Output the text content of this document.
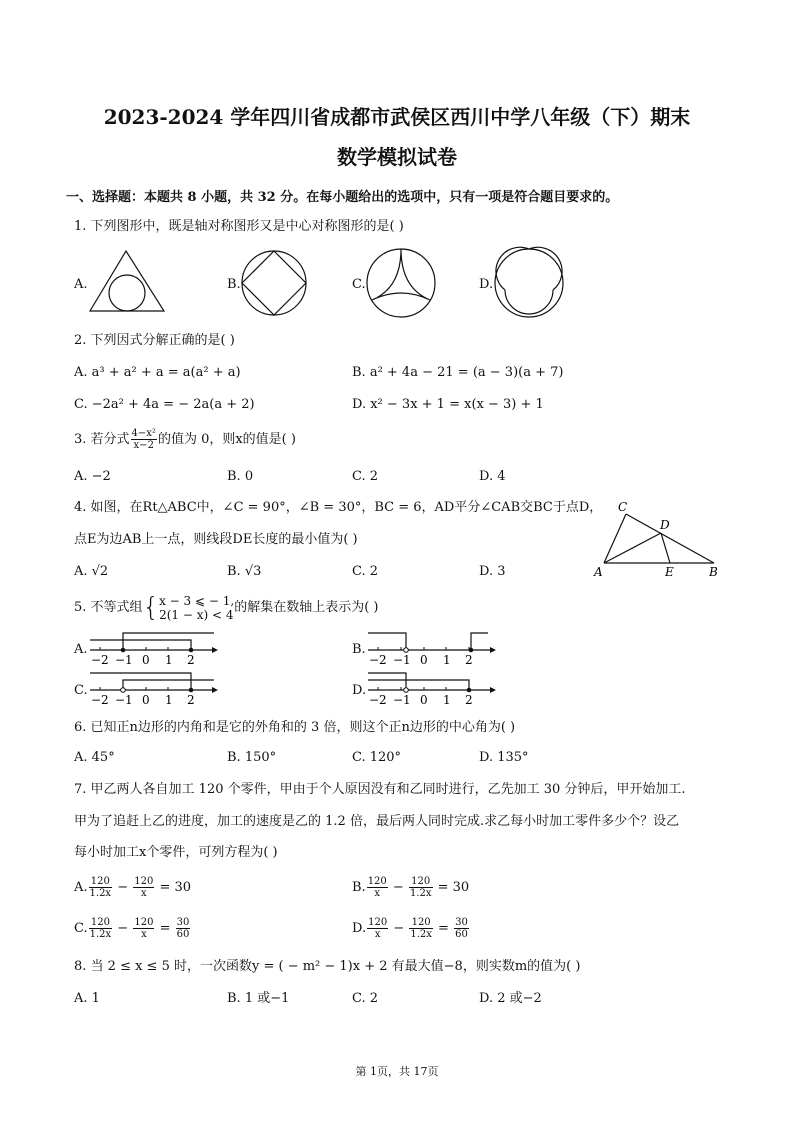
2023-2024 学年四川省成都市武侯区西川中学八年级（下）期末
数学模拟试卷
一、选择题：本题共 8 小题，共 32 分。在每小题给出的选项中，只有一项是符合题目要求的。
1. 下列图形中，既是轴对称图形又是中心对称图形的是( )
A.	B.	C.	D.
2. 下列因式分解正确的是( )
A. a³ + a² + a = a(a² + a)	B. a² + 4a − 21 = (a − 3)(a + 7)
C. −2a² + 4a = − 2a(a + 2)	D. x² − 3x + 1 = x(x − 3) + 1
3. 若分式 $\frac{\text{4−x²}}{x-2}$ 的值为 0，则x的值是( )
A. −2	B. 0	C. 2	D. 4
4. 如图，在Rt△ABC中，∠C = 90°，∠B = 30°，BC = 6，AD平分∠CAB交BC于点D，
点E为边AB上一点，则线段DE长度的最小值为( )
A. √2	B. √3	C. 2	D. 3
C
D
A	E	B
5. 不等式组{ x − 3 ⩽ − 1,
2(1 − x) < 4 的解集在数轴上表示为( )
A.
−2 −1 0 1 2
B.
−2 −1 0 1 2
C.
−2 −1 0 1 2
D.
−2 −1 0 1 2
6. 已知正n边形的内角和是它的外角和的 3 倍，则这个正n边形的中心角为( )
A. 45°	B. 150°	C. 120°	D. 135°
7. 甲乙两人各自加工 120 个零件，甲由于个人原因没有和乙同时进行，乙先加工 30 分钟后，甲开始加工.
甲为了追赶上乙的进度，加工的速度是乙的 1.2 倍，最后两人同时完成.求乙每小时加工零件多少个？设乙
每小时加工x个零件，可列方程为( )
A. $\frac{120}{1.2x} - \frac{120}{x} = 30$	B. $\frac{120}{x} - \frac{120}{1.2x} = 30$
C. $\frac{120}{1.2x} - \frac{120}{x} = \frac{30}{60}$	D. $\frac{120}{x} - \frac{120}{1.2x} = \frac{30}{60}$
8. 当 2 ≤ x ≤ 5 时，一次函数y = ( − m² − 1)x + 2 有最大值−8，则实数m的值为( )
A. 1	B. 1 或−1	C. 2	D. 2 或−2
第 1页，共 17页
